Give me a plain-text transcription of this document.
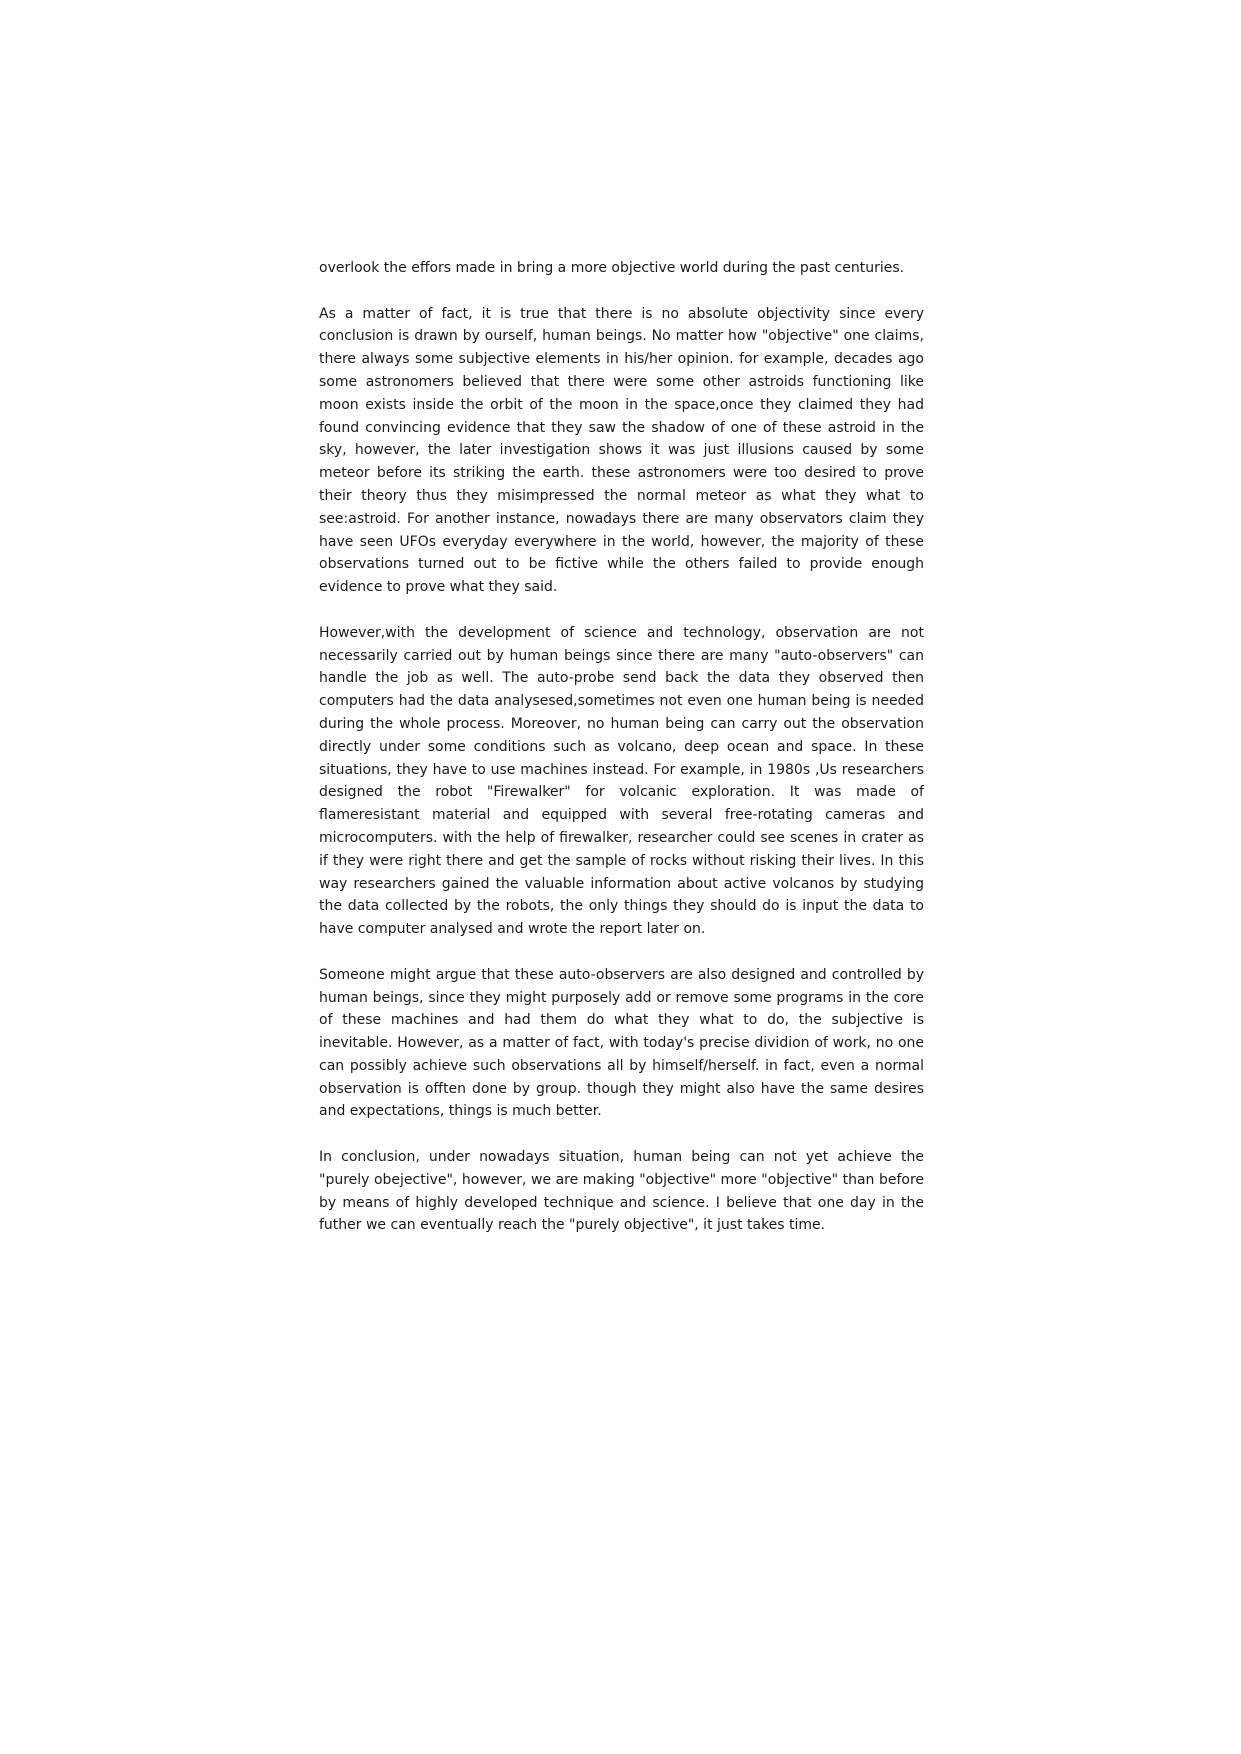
overlook the effors made in bring a more objective world during the past centuries.

As a matter of fact, it is true that there is no absolute objectivity since every conclusion is drawn by ourself, human beings. No matter how "objective" one claims, there always some subjective elements in his/her opinion. for example, decades ago some astronomers believed that there were some other astroids functioning like moon exists inside the orbit of the moon in the space,once they claimed they had found convincing evidence that they saw the shadow of one of these astroid in the sky, however, the later investigation shows it was just illusions caused by some meteor before its striking the earth. these astronomers were too desired to prove their theory thus they misimpressed the normal meteor as what they what to see:astroid. For another instance, nowadays there are many observators claim they have seen UFOs everyday everywhere in the world, however, the majority of these observations turned out to be fictive while the others failed to provide enough evidence to prove what they said.

However,with the development of science and technology, observation are not necessarily carried out by human beings since there are many "auto-observers" can handle the job as well. The auto-probe send back the data they observed then computers had the data analysesed,sometimes not even one human being is needed during the whole process. Moreover, no human being can carry out the observation directly under some conditions such as volcano, deep ocean and space. In these situations, they have to use machines instead. For example, in 1980s ,Us researchers designed the robot "Firewalker" for volcanic exploration. It was made of flameresistant material and equipped with several free-rotating cameras and microcomputers. with the help of firewalker, researcher could see scenes in crater as if they were right there and get the sample of rocks without risking their lives. In this way researchers gained the valuable information about active volcanos by studying the data collected by the robots, the only things they should do is input the data to have computer analysed and wrote the report later on.

Someone might argue that these auto-observers are also designed and controlled by human beings, since they might purposely add or remove some programs in the core of these machines and had them do what they what to do, the subjective is inevitable. However, as a matter of fact, with today's precise dividion of work, no one can possibly achieve such observations all by himself/herself. in fact, even a normal observation is offten done by group. though they might also have the same desires and expectations, things is much better.

In conclusion, under nowadays situation, human being can not yet achieve the "purely obejective", however, we are making "objective" more "objective" than before by means of highly developed technique and science. I believe that one day in the futher we can eventually reach the "purely objective", it just takes time.
